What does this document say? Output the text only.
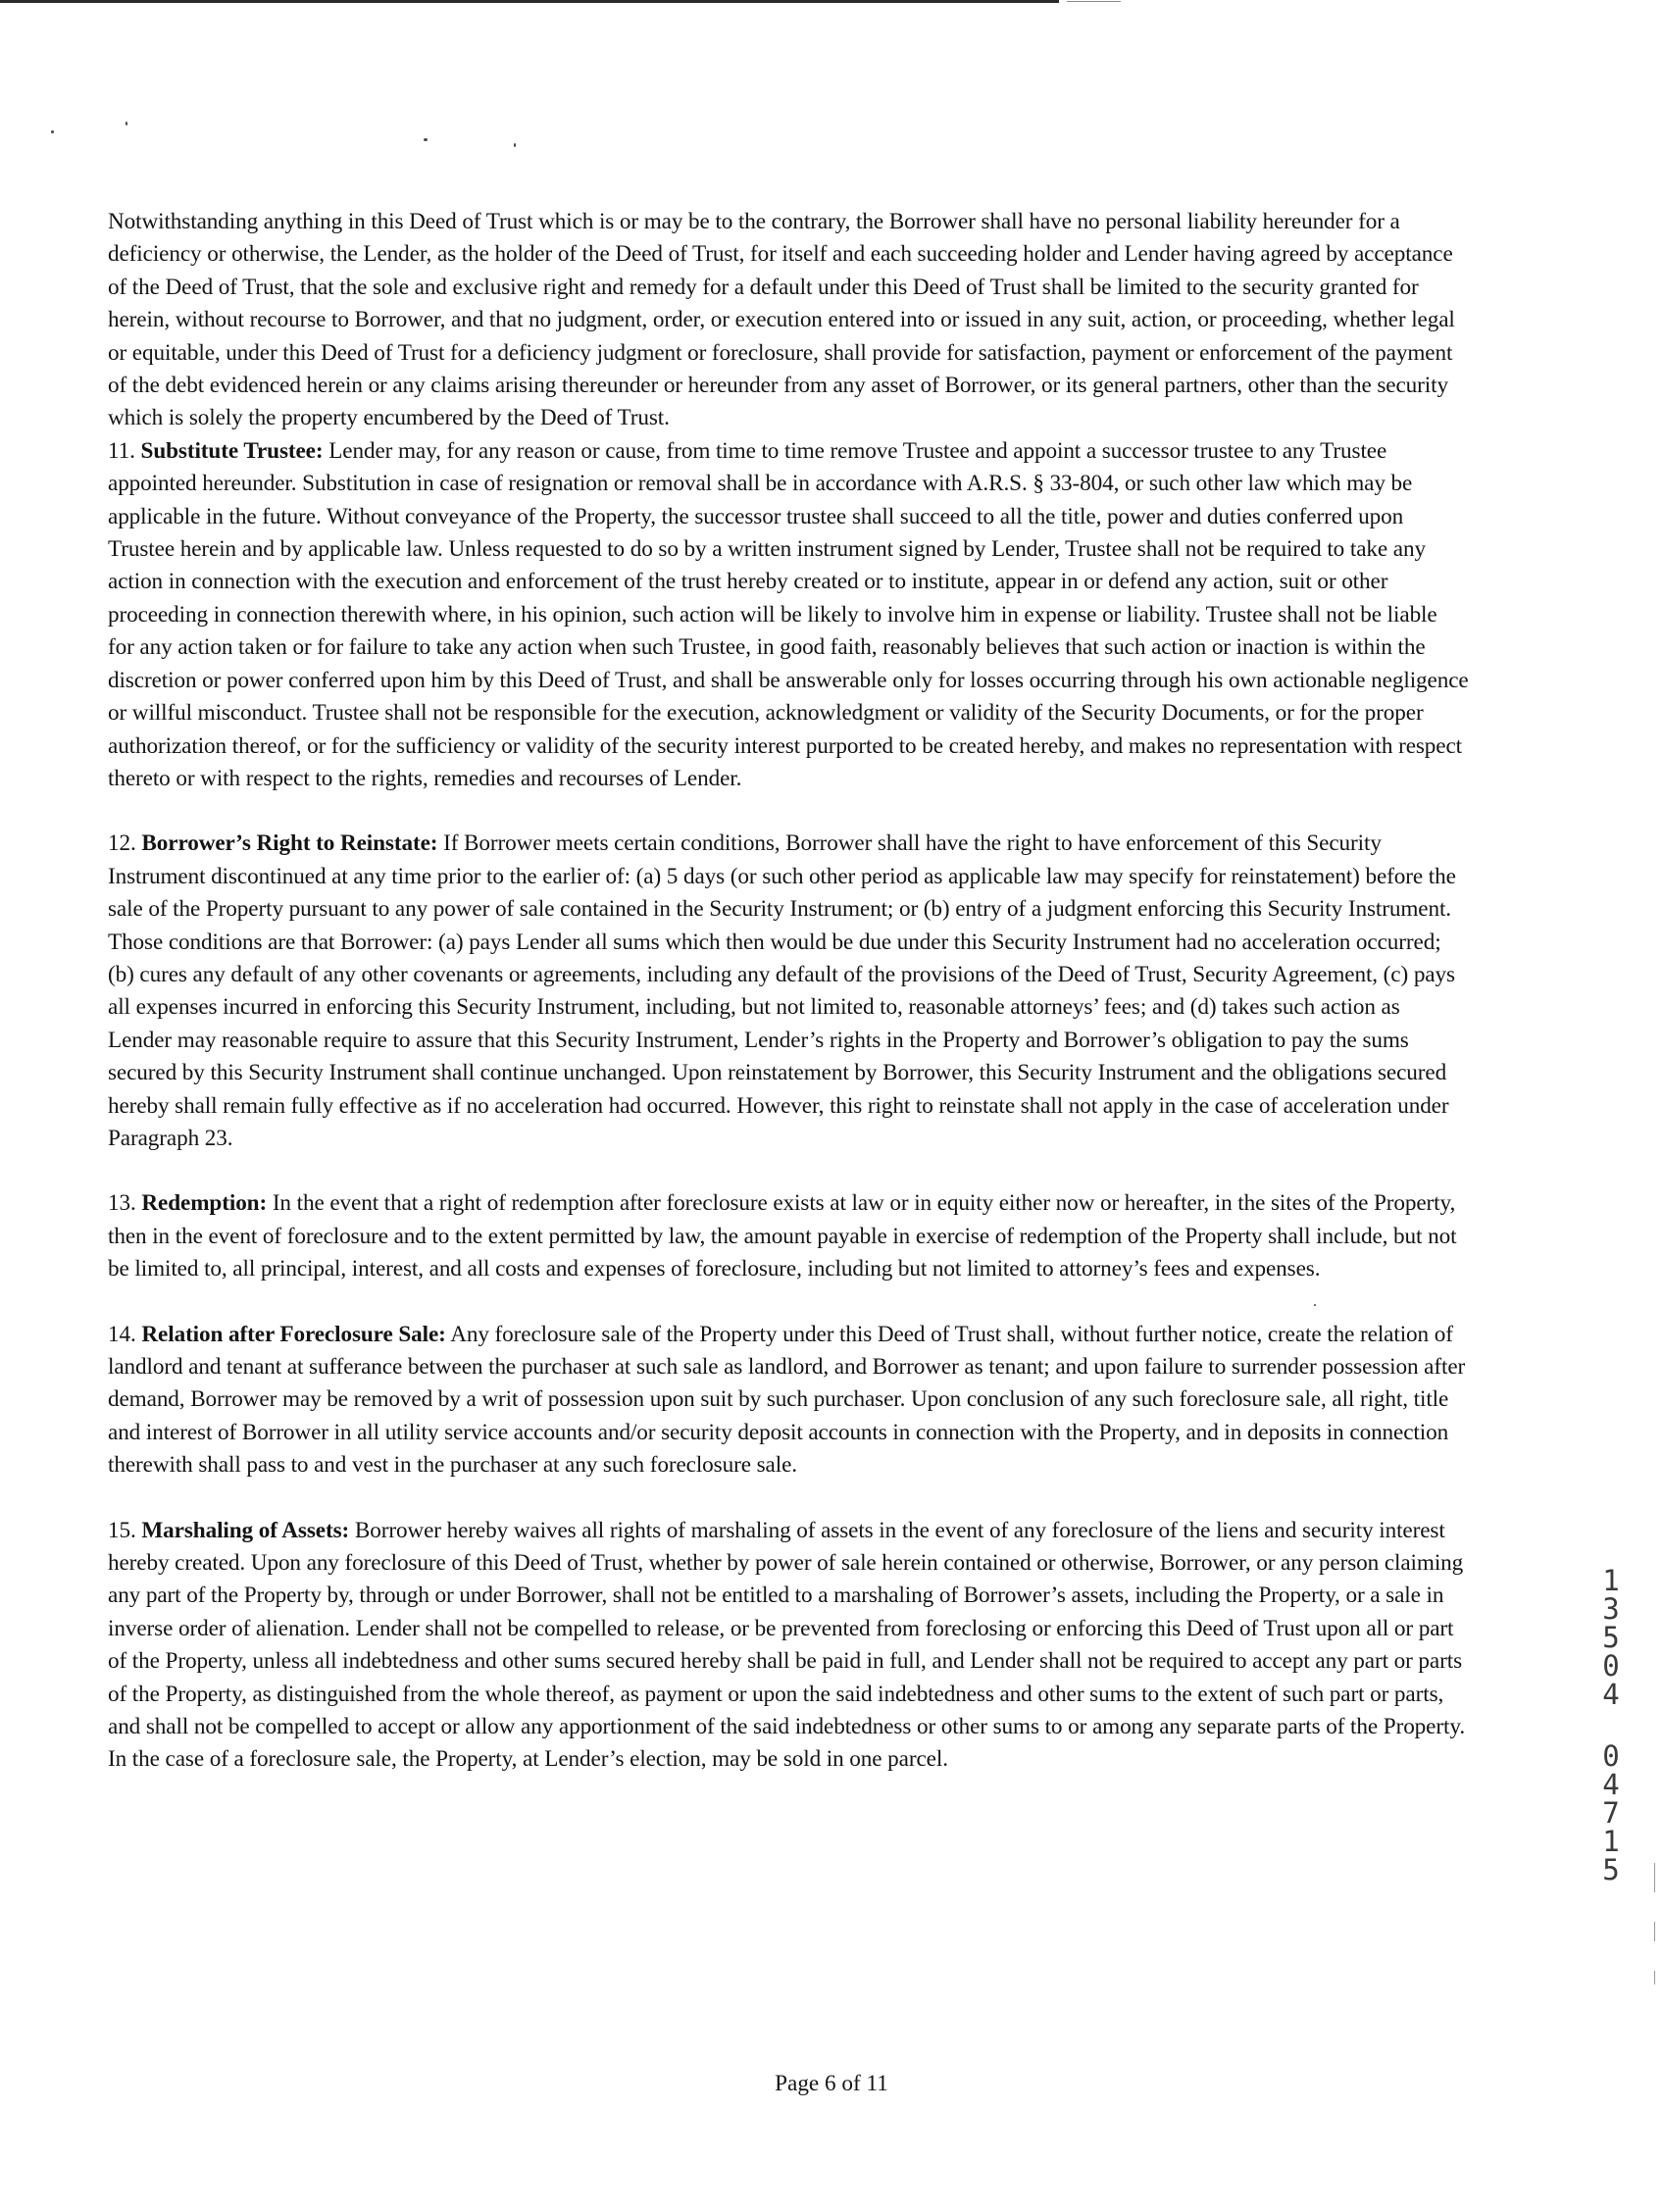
Notwithstanding anything in this Deed of Trust which is or may be to the contrary, the Borrower shall have no personal liability hereunder for a deficiency or otherwise, the Lender, as the holder of the Deed of Trust, for itself and each succeeding holder and Lender having agreed by acceptance of the Deed of Trust, that the sole and exclusive right and remedy for a default under this Deed of Trust shall be limited to the security granted for herein, without recourse to Borrower, and that no judgment, order, or execution entered into or issued in any suit, action, or proceeding, whether legal or equitable, under this Deed of Trust for a deficiency judgment or foreclosure, shall provide for satisfaction, payment or enforcement of the payment of the debt evidenced herein or any claims arising thereunder or hereunder from any asset of Borrower, or its general partners, other than the security which is solely the property encumbered by the Deed of Trust.

11. Substitute Trustee: Lender may, for any reason or cause, from time to time remove Trustee and appoint a successor trustee to any Trustee appointed hereunder. Substitution in case of resignation or removal shall be in accordance with A.R.S. § 33-804, or such other law which may be applicable in the future. Without conveyance of the Property, the successor trustee shall succeed to all the title, power and duties conferred upon Trustee herein and by applicable law. Unless requested to do so by a written instrument signed by Lender, Trustee shall not be required to take any action in connection with the execution and enforcement of the trust hereby created or to institute, appear in or defend any action, suit or other proceeding in connection therewith where, in his opinion, such action will be likely to involve him in expense or liability. Trustee shall not be liable for any action taken or for failure to take any action when such Trustee, in good faith, reasonably believes that such action or inaction is within the discretion or power conferred upon him by this Deed of Trust, and shall be answerable only for losses occurring through his own actionable negligence or willful misconduct. Trustee shall not be responsible for the execution, acknowledgment or validity of the Security Documents, or for the proper authorization thereof, or for the sufficiency or validity of the security interest purported to be created hereby, and makes no representation with respect thereto or with respect to the rights, remedies and recourses of Lender.

12. Borrower’s Right to Reinstate: If Borrower meets certain conditions, Borrower shall have the right to have enforcement of this Security Instrument discontinued at any time prior to the earlier of: (a) 5 days (or such other period as applicable law may specify for reinstatement) before the sale of the Property pursuant to any power of sale contained in the Security Instrument; or (b) entry of a judgment enforcing this Security Instrument. Those conditions are that Borrower: (a) pays Lender all sums which then would be due under this Security Instrument had no acceleration occurred; (b) cures any default of any other covenants or agreements, including any default of the provisions of the Deed of Trust, Security Agreement, (c) pays all expenses incurred in enforcing this Security Instrument, including, but not limited to, reasonable attorneys’ fees; and (d) takes such action as Lender may reasonable require to assure that this Security Instrument, Lender’s rights in the Property and Borrower’s obligation to pay the sums secured by this Security Instrument shall continue unchanged. Upon reinstatement by Borrower, this Security Instrument and the obligations secured hereby shall remain fully effective as if no acceleration had occurred. However, this right to reinstate shall not apply in the case of acceleration under Paragraph 23.

13. Redemption: In the event that a right of redemption after foreclosure exists at law or in equity either now or hereafter, in the sites of the Property, then in the event of foreclosure and to the extent permitted by law, the amount payable in exercise of redemption of the Property shall include, but not be limited to, all principal, interest, and all costs and expenses of foreclosure, including but not limited to attorney’s fees and expenses.

14. Relation after Foreclosure Sale: Any foreclosure sale of the Property under this Deed of Trust shall, without further notice, create the relation of landlord and tenant at sufferance between the purchaser at such sale as landlord, and Borrower as tenant; and upon failure to surrender possession after demand, Borrower may be removed by a writ of possession upon suit by such purchaser. Upon conclusion of any such foreclosure sale, all right, title and interest of Borrower in all utility service accounts and/or security deposit accounts in connection with the Property, and in deposits in connection therewith shall pass to and vest in the purchaser at any such foreclosure sale.

15. Marshaling of Assets: Borrower hereby waives all rights of marshaling of assets in the event of any foreclosure of the liens and security interest hereby created. Upon any foreclosure of this Deed of Trust, whether by power of sale herein contained or otherwise, Borrower, or any person claiming any part of the Property by, through or under Borrower, shall not be entitled to a marshaling of Borrower’s assets, including the Property, or a sale in inverse order of alienation. Lender shall not be compelled to release, or be prevented from foreclosing or enforcing this Deed of Trust upon all or part of the Property, unless all indebtedness and other sums secured hereby shall be paid in full, and Lender shall not be required to accept any part or parts of the Property, as distinguished from the whole thereof, as payment or upon the said indebtedness and other sums to the extent of such part or parts, and shall not be compelled to accept or allow any apportionment of the said indebtedness or other sums to or among any separate parts of the Property. In the case of a foreclosure sale, the Property, at Lender’s election, may be sold in one parcel.

1
3
5
0
4
0
4
7
1
5
Page 6 of 11
